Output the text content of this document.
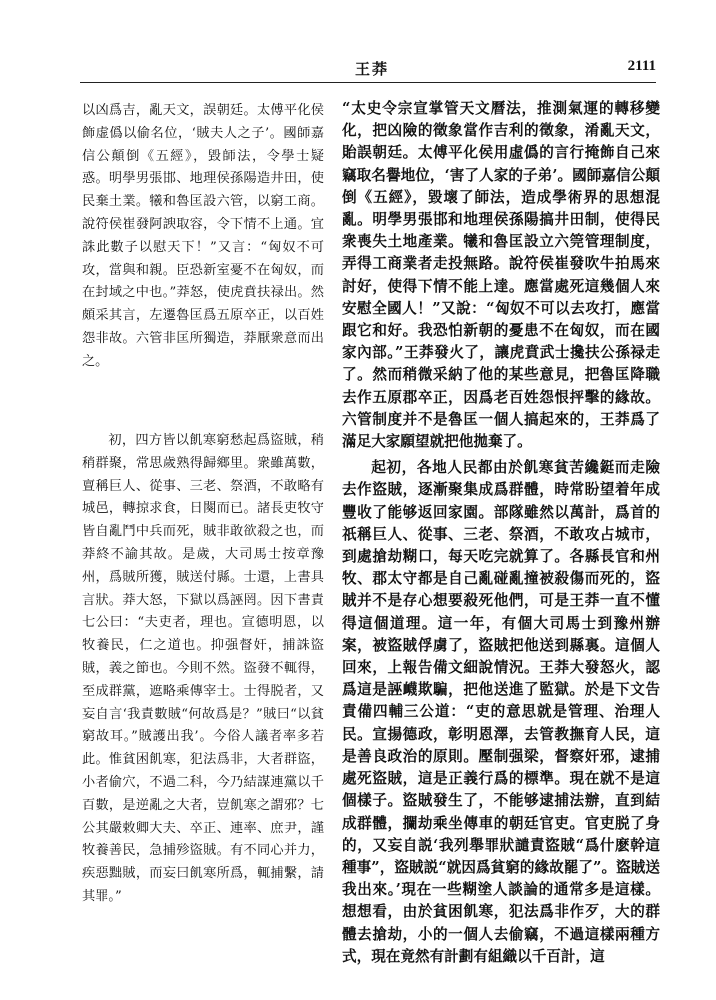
王莽	2111

以凶爲吉，亂天文，誤朝廷。太傅平化侯飾虚僞以偷名位，‘賊夫人之子’。國師嘉信公顛倒《五經》，毀師法，令學士疑惑。明學男張邯、地理侯孫陽造井田，使民棄土業。犧和魯匡設六管，以窮工商。說符侯崔發阿諛取容，令下情不上通。宜誅此數子以慰天下！”又言：“匈奴不可攻，當與和親。臣恐新室憂不在匈奴，而在封域之中也。”莽怒，使虎賁扶禄出。然頗采其言，左遷魯匡爲五原卒正，以百姓怨非故。六管非匡所獨造，莽厭衆意而出之。

初，四方皆以飢寒窮愁起爲盜賊，稍稍群聚，常思歲熟得歸鄉里。衆雖萬數，亶稱巨人、從事、三老、祭酒，不敢略有城邑，轉掠求食，日闋而已。諸長吏牧守皆自亂鬥中兵而死，賊非敢欲殺之也，而莽終不諭其故。是歲，大司馬士按章豫州，爲賊所獲，賊送付縣。士還，上書具言狀。莽大怒，下獄以爲誣罔。因下書責七公曰：“夫吏者，理也。宣德明恩，以牧養民，仁之道也。抑强督奸，捕誅盜賊，義之節也。今則不然。盜發不輒得，至成群黨，遮略乘傳宰士。士得脱者，又妄自言‘我責數賊“何故爲是？”賊曰“以貧窮故耳。”賊護出我’。今俗人議者率多若此。惟貧困飢寒，犯法爲非，大者群盜，小者偷穴，不過二科，今乃結謀連黨以千百數，是逆亂之大者，豈飢寒之謂邪？七公其嚴敕卿大夫、卒正、連率、庶尹，謹牧養善民，急捕殄盜賊。有不同心并力，疾惡黜賊，而妄曰飢寒所爲，輒捕繫，請其罪。”

“太史令宗宣掌管天文曆法，推測氣運的轉移變化，把凶險的徵象當作吉利的徵象，淆亂天文，貽誤朝廷。太傅平化侯用虛僞的言行掩飾自己來竊取名譽地位，‘害了人家的子弟’。國師嘉信公顛倒《五經》，毀壞了師法，造成學術界的思想混亂。明學男張邯和地理侯孫陽搞井田制，使得民衆喪失土地產業。犧和魯匡設立六筦管理制度，弄得工商業者走投無路。說符侯崔發吹牛拍馬來討好，使得下情不能上達。應當處死這幾個人來安慰全國人！”又說：“匈奴不可以去攻打，應當跟它和好。我恐怕新朝的憂患不在匈奴，而在國家內部。”王莽發火了，讓虎賁武士攙扶公孫禄走了。然而稍微采納了他的某些意見，把魯匡降職去作五原郡卒正，因爲老百姓怨恨抨擊的緣故。六管制度并不是魯匡一個人搞起來的，王莽爲了滿足大家願望就把他拋棄了。

起初，各地人民都由於飢寒貧苦纔鋌而走險去作盜賊，逐漸聚集成爲群體，時常盼望着年成豐收了能够返回家園。部隊雖然以萬計，爲首的祇稱巨人、從事、三老、祭酒，不敢攻占城市，到處搶劫糊口，每天吃完就算了。各縣長官和州牧、郡太守都是自己亂碰亂撞被殺傷而死的，盜賊并不是存心想要殺死他們，可是王莽一直不懂得這個道理。這一年，有個大司馬士到豫州辦案，被盜賊俘虜了，盜賊把他送到縣裏。這個人回來，上報告備文細說情況。王莽大發怒火，認爲這是誣衊欺騙，把他送進了監獄。於是下文告責備四輔三公道：“吏的意思就是管理、治理人民。宣揚德政，彰明恩澤，去管教撫育人民，這是善良政治的原則。壓制强梁，督察奸邪，逮捕處死盜賊，這是正義行爲的標準。現在就不是這個樣子。盜賊發生了，不能够逮捕法辦，直到結成群體，攔劫乘坐傳車的朝廷官吏。官吏脱了身的，又妄自説‘我列舉罪狀譴責盜賊“爲什麽幹這種事”，盜賊説“就因爲貧窮的緣故罷了”。盜賊送我出來。’現在一些糊塗人談論的通常多是這樣。想想看，由於貧困飢寒，犯法爲非作歹，大的群體去搶劫，小的一個人去偷竊，不過這樣兩種方式，現在竟然有計劃有組織以千百計，這
